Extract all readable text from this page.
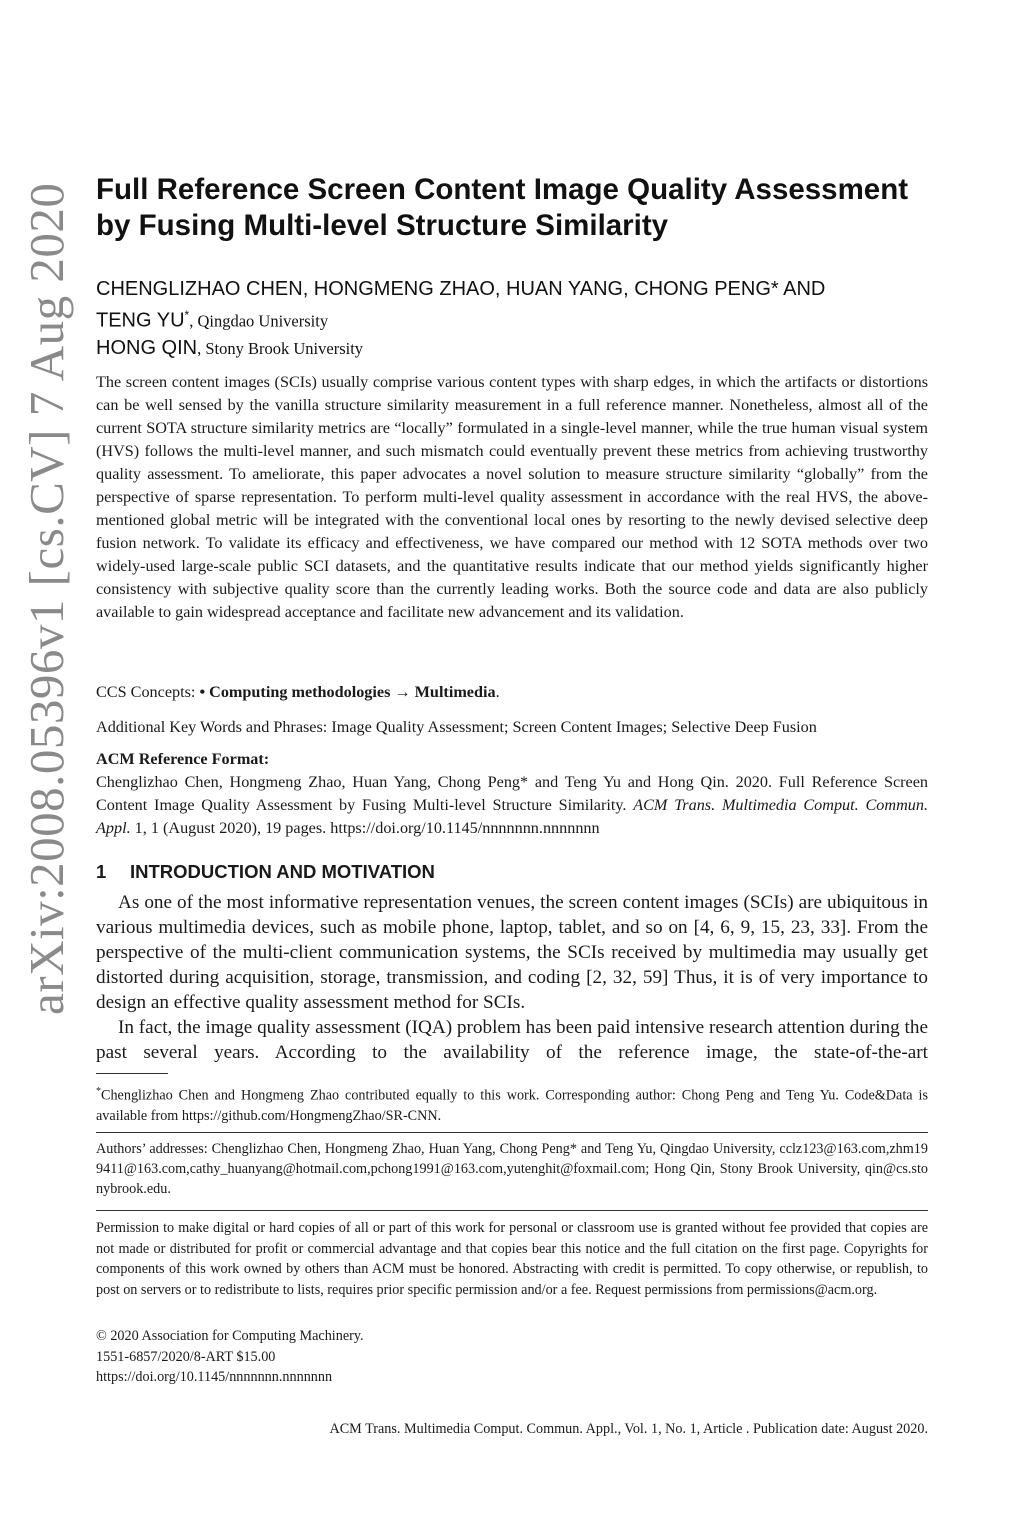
arXiv:2008.05396v1 [cs.CV] 7 Aug 2020 Full Reference Screen Content Image Quality Assessment
by Fusing Multi-level Structure Similarity
CHENGLIZHAO CHEN, HONGMENG ZHAO, HUAN YANG, CHONG PENG* AND
TENG YU*, Qingdao University
HONG QIN, Stony Brook University
The screen content images (SCIs) usually comprise various content types with sharp edges, in which the artifacts or distortions can be well sensed by the vanilla structure similarity measurement in a full reference manner. Nonetheless, almost all of the current SOTA structure similarity metrics are “locally” formulated in a single-level manner, while the true human visual system (HVS) follows the multi-level manner, and such mismatch could eventually prevent these metrics from achieving trustworthy quality assessment. To ameliorate, this paper advocates a novel solution to measure structure similarity “globally” from the perspective of sparse representation. To perform multi-level quality assessment in accordance with the real HVS, the above-mentioned global metric will be integrated with the conventional local ones by resorting to the newly devised selective deep fusion network. To validate its efficacy and effectiveness, we have compared our method with 12 SOTA methods over two widely-used large-scale public SCI datasets, and the quantitative results indicate that our method yields significantly higher consistency with subjective quality score than the currently leading works. Both the source code and data are also publicly available to gain widespread acceptance and facilitate new advancement and its validation.
CCS Concepts: • Computing methodologies → Multimedia.
Additional Key Words and Phrases: Image Quality Assessment; Screen Content Images; Selective Deep Fusion
ACM Reference Format:
Chenglizhao Chen, Hongmeng Zhao, Huan Yang, Chong Peng* and Teng Yu and Hong Qin. 2020. Full Reference Screen Content Image Quality Assessment by Fusing Multi-level Structure Similarity. ACM Trans. Multimedia Comput. Commun. Appl. 1, 1 (August 2020), 19 pages. https://doi.org/10.1145/nnnnnnn.nnnnnnn
1 INTRODUCTION AND MOTIVATION

As one of the most informative representation venues, the screen content images (SCIs) are ubiquitous in various multimedia devices, such as mobile phone, laptop, tablet, and so on [4, 6, 9, 15, 23, 33]. From the perspective of the multi-client communication systems, the SCIs received by multimedia may usually get distorted during acquisition, storage, transmission, and coding [2, 32, 59] Thus, it is of very importance to design an effective quality assessment method for SCIs.

In fact, the image quality assessment (IQA) problem has been paid intensive research attention during the past several years. According to the availability of the reference image, the state-of-the-art

*Chenglizhao Chen and Hongmeng Zhao contributed equally to this work. Corresponding author: Chong Peng and Teng Yu. Code&Data is available from https://github.com/HongmengZhao/SR-CNN.
Authors’ addresses: Chenglizhao Chen, Hongmeng Zhao, Huan Yang, Chong Peng* and Teng Yu, Qingdao University, cclz123@163.com,zhm199411@163.com,cathy_huanyang@hotmail.com,pchong1991@163.com,yutenghit@foxmail.com; Hong Qin, Stony Brook University, qin@cs.stonybrook.edu.

Permission to make digital or hard copies of all or part of this work for personal or classroom use is granted without fee provided that copies are not made or distributed for profit or commercial advantage and that copies bear this notice and the full citation on the first page. Copyrights for components of this work owned by others than ACM must be honored. Abstracting with credit is permitted. To copy otherwise, or republish, to post on servers or to redistribute to lists, requires prior specific permission and/or a fee. Request permissions from permissions@acm.org.

© 2020 Association for Computing Machinery.
1551-6857/2020/8-ART $15.00
https://doi.org/10.1145/nnnnnnn.nnnnnnn
ACM Trans. Multimedia Comput. Commun. Appl., Vol. 1, No. 1, Article . Publication date: August 2020.
